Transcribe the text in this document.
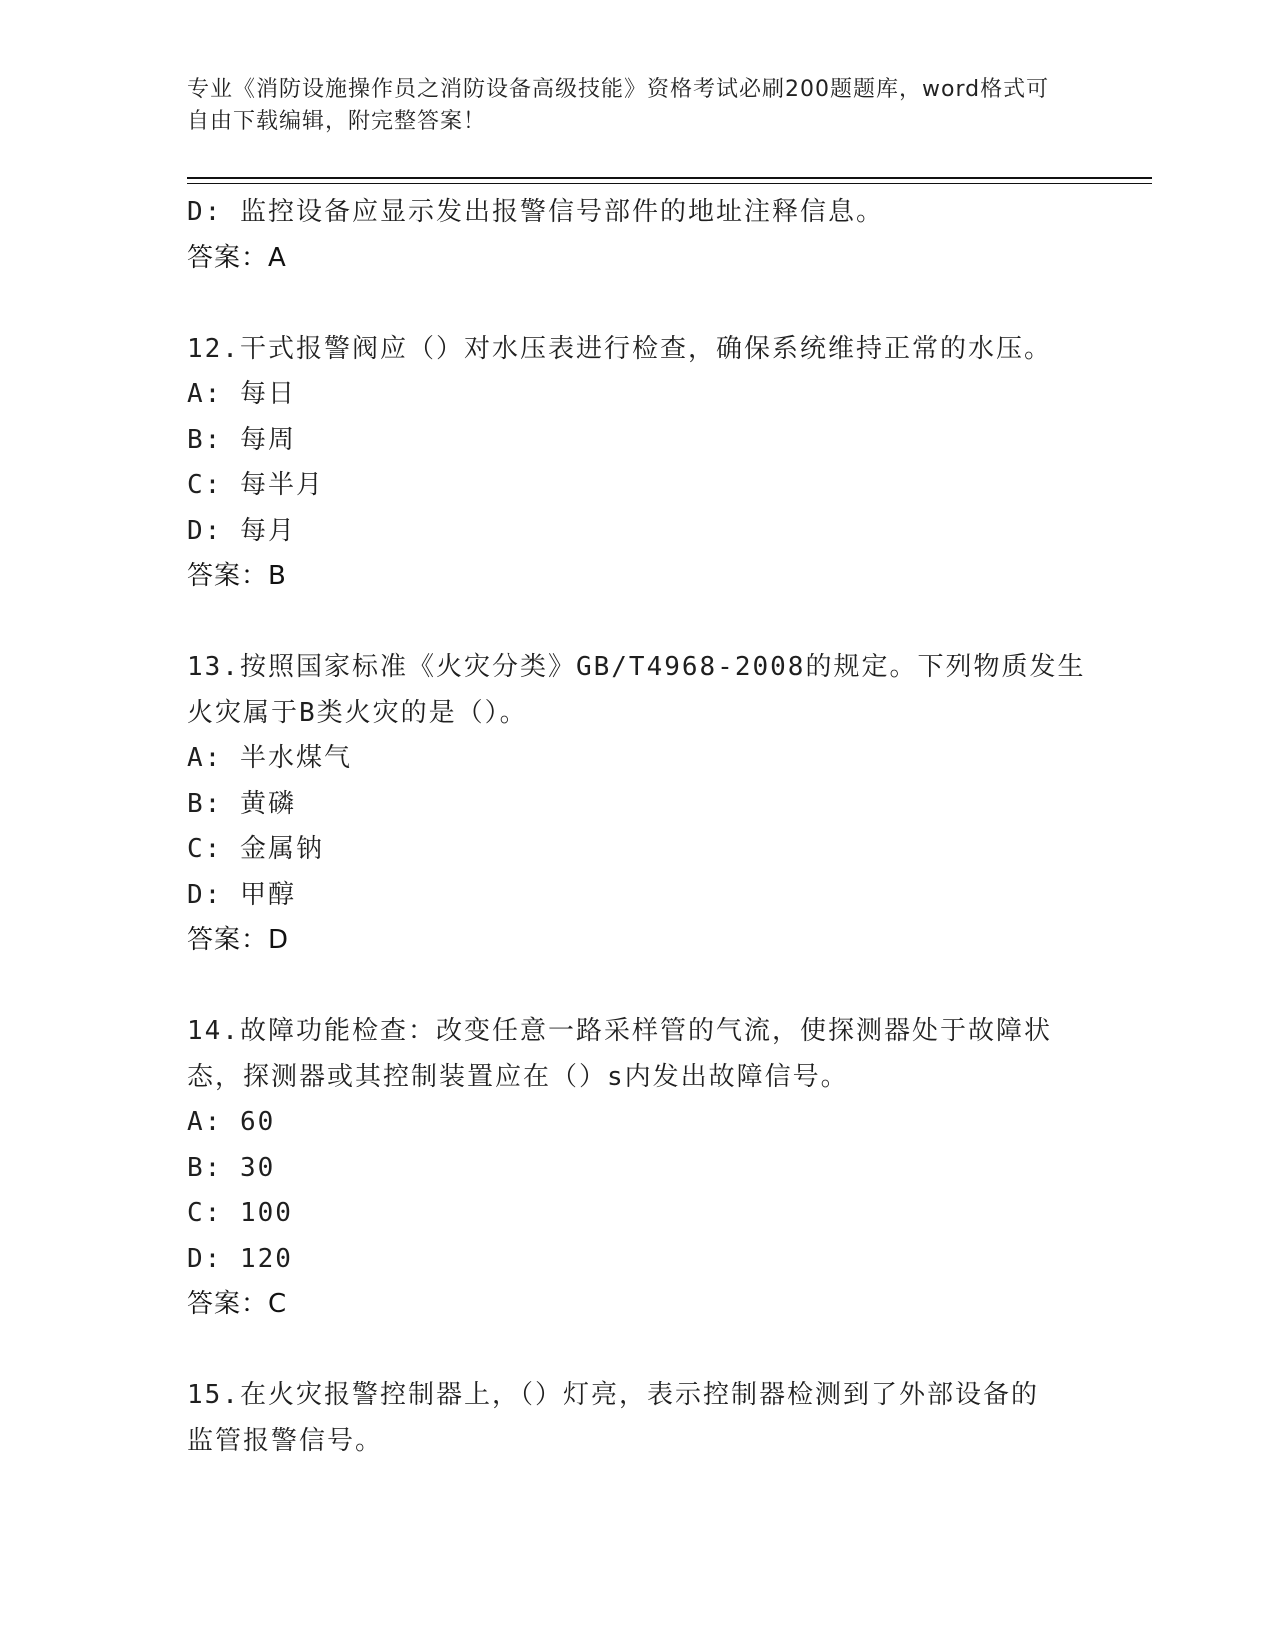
专业《消防设施操作员之消防设备高级技能》资格考试必刷200题题库，word格式可自由下载编辑，附完整答案！
D: 监控设备应显示发出报警信号部件的地址注释信息。
答案：A
12.干式报警阀应（）对水压表进行检查，确保系统维持正常的水压。
A: 每日
B: 每周
C: 每半月
D: 每月
答案：B
13.按照国家标准《火灾分类》GB/T4968-2008的规定。下列物质发生
火灾属于B类火灾的是（）。
A: 半水煤气
B: 黄磷
C: 金属钠
D: 甲醇
答案：D
14.故障功能检查：改变任意一路采样管的气流，使探测器处于故障状
态，探测器或其控制装置应在（）s内发出故障信号。
A: 60
B: 30
C: 100
D: 120
答案：C
15.在火灾报警控制器上，（）灯亮，表示控制器检测到了外部设备的
监管报警信号。
